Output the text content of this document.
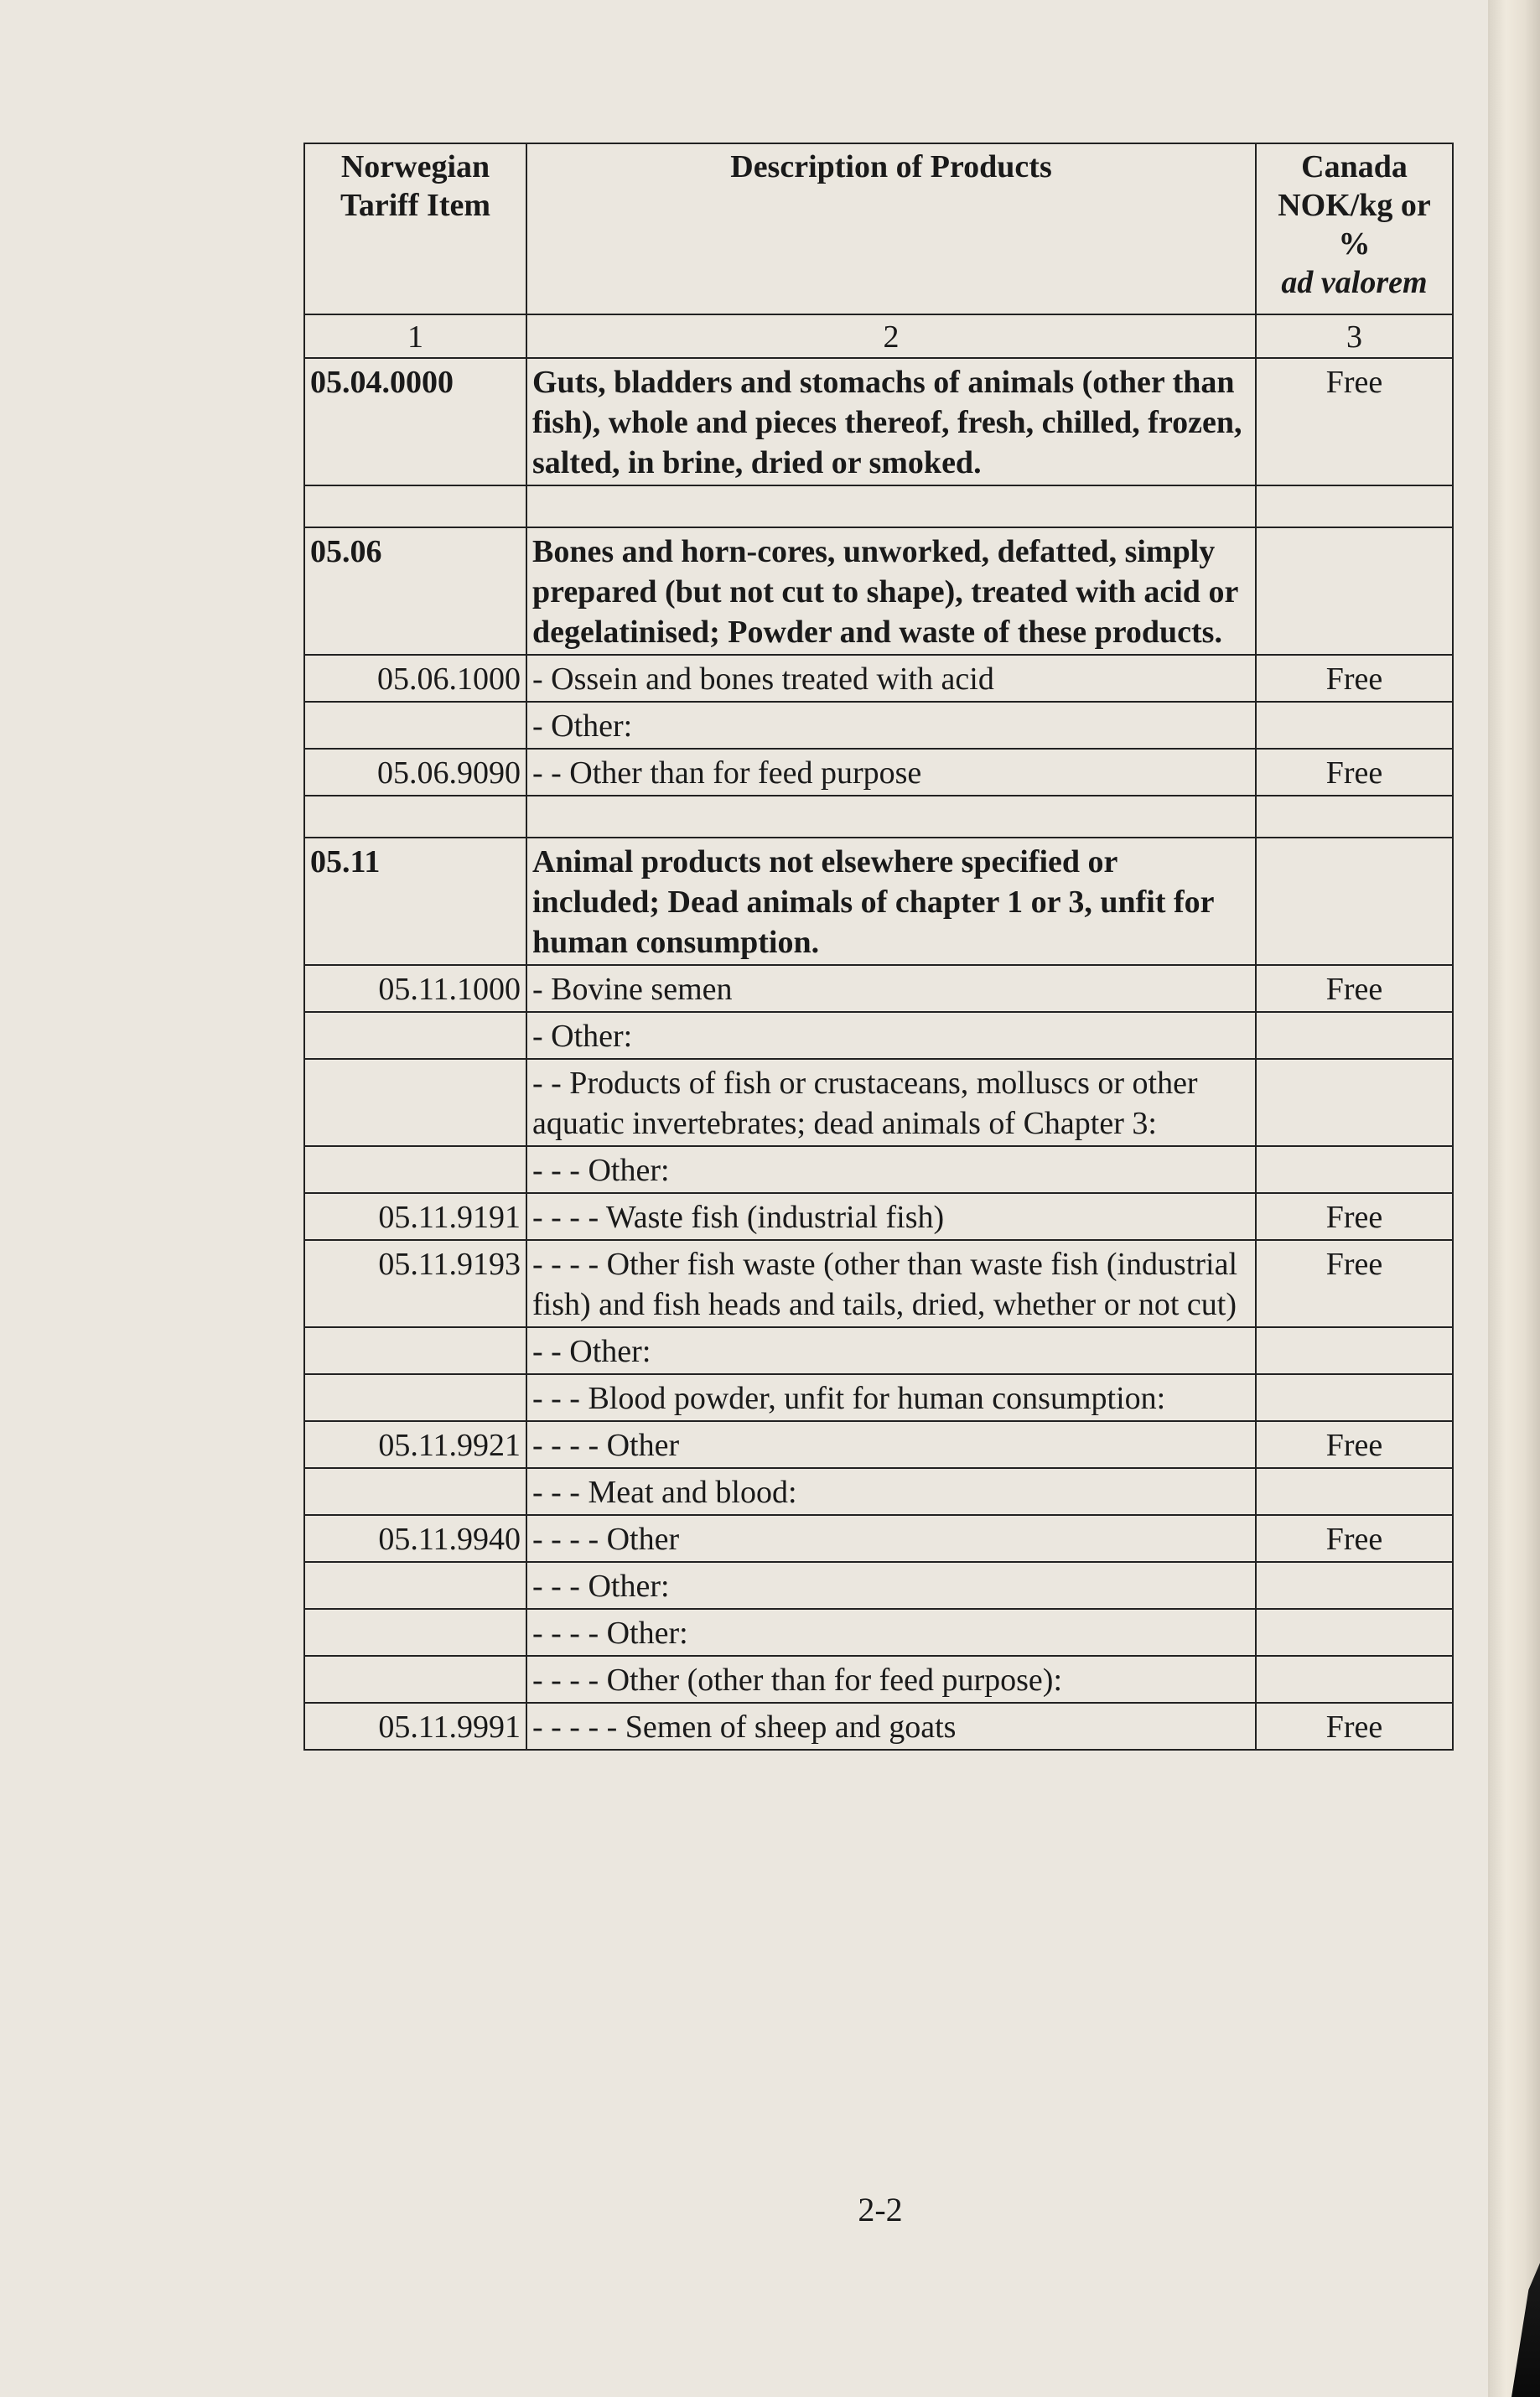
Norwegian Tariff Item	Description of Products	Canada NOK/kg or %
ad valorem

1	2	3
05.04.0000	Guts, bladders and stomachs of animals (other than fish), whole and pieces thereof, fresh, chilled, frozen, salted, in brine, dried or smoked.	Free

05.06	Bones and horn-cores, unworked, defatted, simply prepared (but not cut to shape), treated with acid or degelatinised; Powder and waste of these products.	
05.06.1000	- Ossein and bones treated with acid	Free
	- Other:	
05.06.9090	- - Other than for feed purpose	Free

05.11	Animal products not elsewhere specified or included; Dead animals of chapter 1 or 3, unfit for human consumption.	
05.11.1000	- Bovine semen	Free
	- Other:	
	- - Products of fish or crustaceans, molluscs or other aquatic invertebrates; dead animals of Chapter 3:	
	- - - Other:	
05.11.9191	- - - - Waste fish (industrial fish)	Free
05.11.9193	- - - - Other fish waste (other than waste fish (industrial fish) and fish heads and tails, dried, whether or not cut)	Free
	- - Other:	
	- - - Blood powder, unfit for human consumption:	
05.11.9921	- - - - Other	Free
	- - - Meat and blood:	
05.11.9940	- - - - Other	Free
	- - - Other:	
	- - - - Other:	
	- - - - Other (other than for feed purpose):	
05.11.9991	- - - - - Semen of sheep and goats	Free
2-2
